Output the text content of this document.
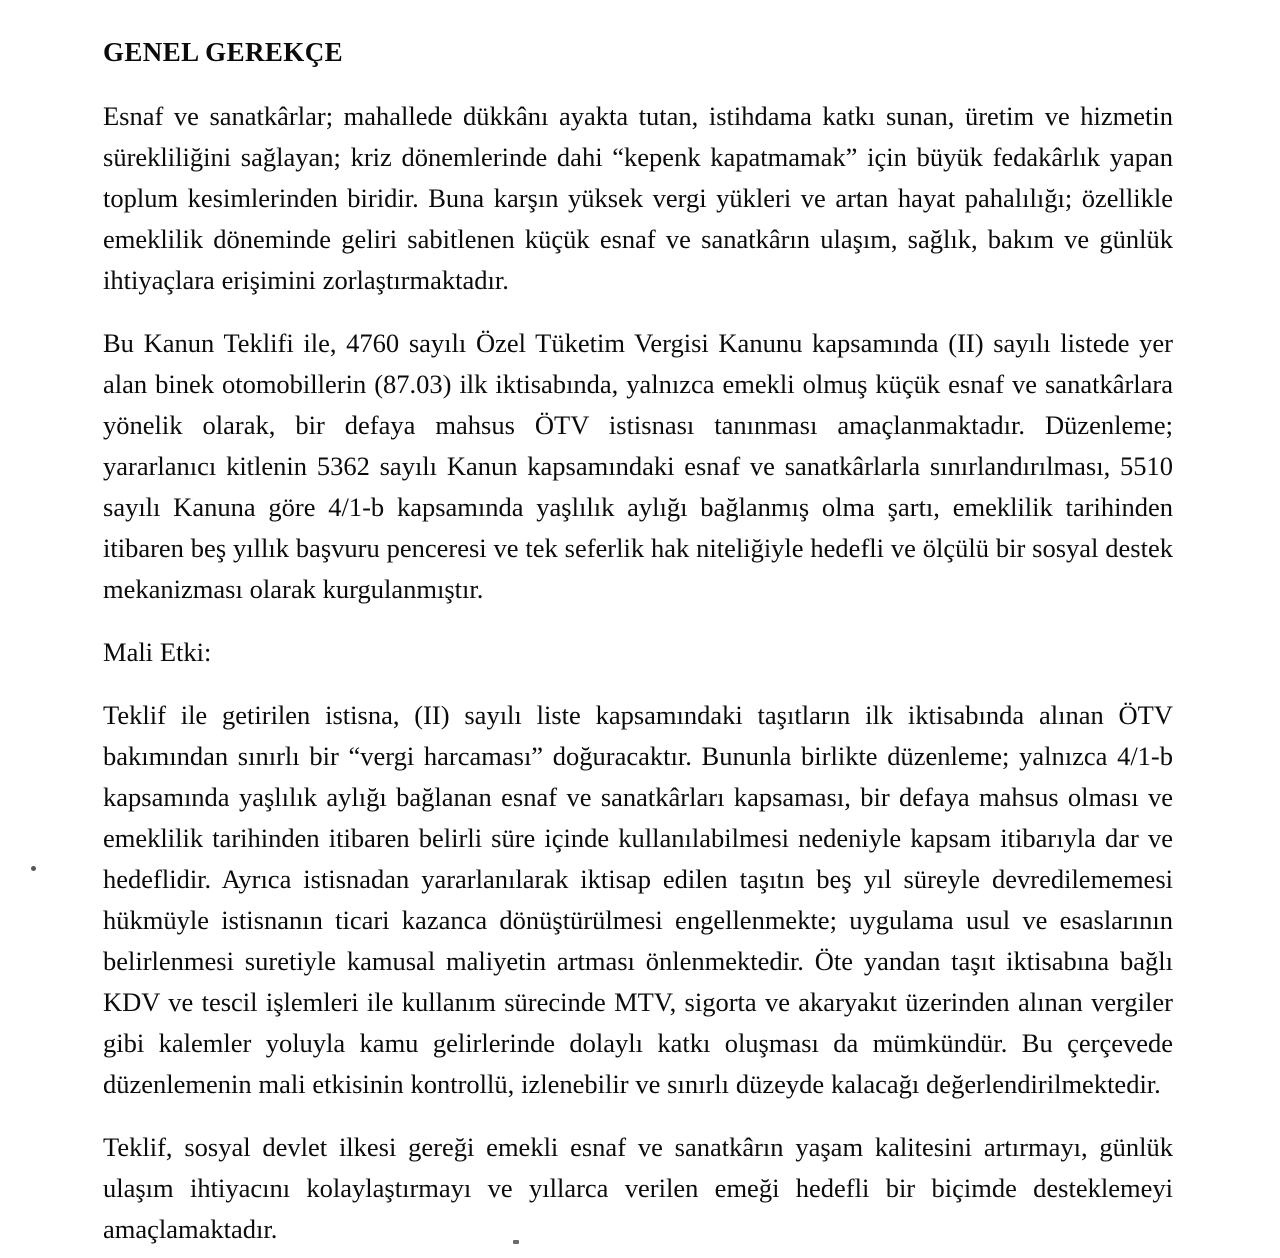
GENEL GEREKÇE

Esnaf ve sanatkârlar; mahallede dükkânı ayakta tutan, istihdama katkı sunan, üretim ve hizmetin sürekliliğini sağlayan; kriz dönemlerinde dahi “kepenk kapatmamak” için büyük fedakârlık yapan toplum kesimlerinden biridir. Buna karşın yüksek vergi yükleri ve artan hayat pahalılığı; özellikle emeklilik döneminde geliri sabitlenen küçük esnaf ve sanatkârın ulaşım, sağlık, bakım ve günlük ihtiyaçlara erişimini zorlaştırmaktadır.

Bu Kanun Teklifi ile, 4760 sayılı Özel Tüketim Vergisi Kanunu kapsamında (II) sayılı listede yer alan binek otomobillerin (87.03) ilk iktisabında, yalnızca emekli olmuş küçük esnaf ve sanatkârlara yönelik olarak, bir defaya mahsus ÖTV istisnası tanınması amaçlanmaktadır. Düzenleme; yararlanıcı kitlenin 5362 sayılı Kanun kapsamındaki esnaf ve sanatkârlarla sınırlandırılması, 5510 sayılı Kanuna göre 4/1-b kapsamında yaşlılık aylığı bağlanmış olma şartı, emeklilik tarihinden itibaren beş yıllık başvuru penceresi ve tek seferlik hak niteliğiyle hedefli ve ölçülü bir sosyal destek mekanizması olarak kurgulanmıştır.

Mali Etki:

Teklif ile getirilen istisna, (II) sayılı liste kapsamındaki taşıtların ilk iktisabında alınan ÖTV bakımından sınırlı bir “vergi harcaması” doğuracaktır. Bununla birlikte düzenleme; yalnızca 4/1-b kapsamında yaşlılık aylığı bağlanan esnaf ve sanatkârları kapsaması, bir defaya mahsus olması ve emeklilik tarihinden itibaren belirli süre içinde kullanılabilmesi nedeniyle kapsam itibarıyla dar ve hedeflidir. Ayrıca istisnadan yararlanılarak iktisap edilen taşıtın beş yıl süreyle devredilememesi hükmüyle istisnanın ticari kazanca dönüştürülmesi engellenmekte; uygulama usul ve esaslarının belirlenmesi suretiyle kamusal maliyetin artması önlenmektedir. Öte yandan taşıt iktisabına bağlı KDV ve tescil işlemleri ile kullanım sürecinde MTV, sigorta ve akaryakıt üzerinden alınan vergiler gibi kalemler yoluyla kamu gelirlerinde dolaylı katkı oluşması da mümkündür. Bu çerçevede düzenlemenin mali etkisinin kontrollü, izlenebilir ve sınırlı düzeyde kalacağı değerlendirilmektedir.

Teklif, sosyal devlet ilkesi gereği emekli esnaf ve sanatkârın yaşam kalitesini artırmayı, günlük ulaşım ihtiyacını kolaylaştırmayı ve yıllarca verilen emeği hedefli bir biçimde desteklemeyi amaçlamaktadır.
